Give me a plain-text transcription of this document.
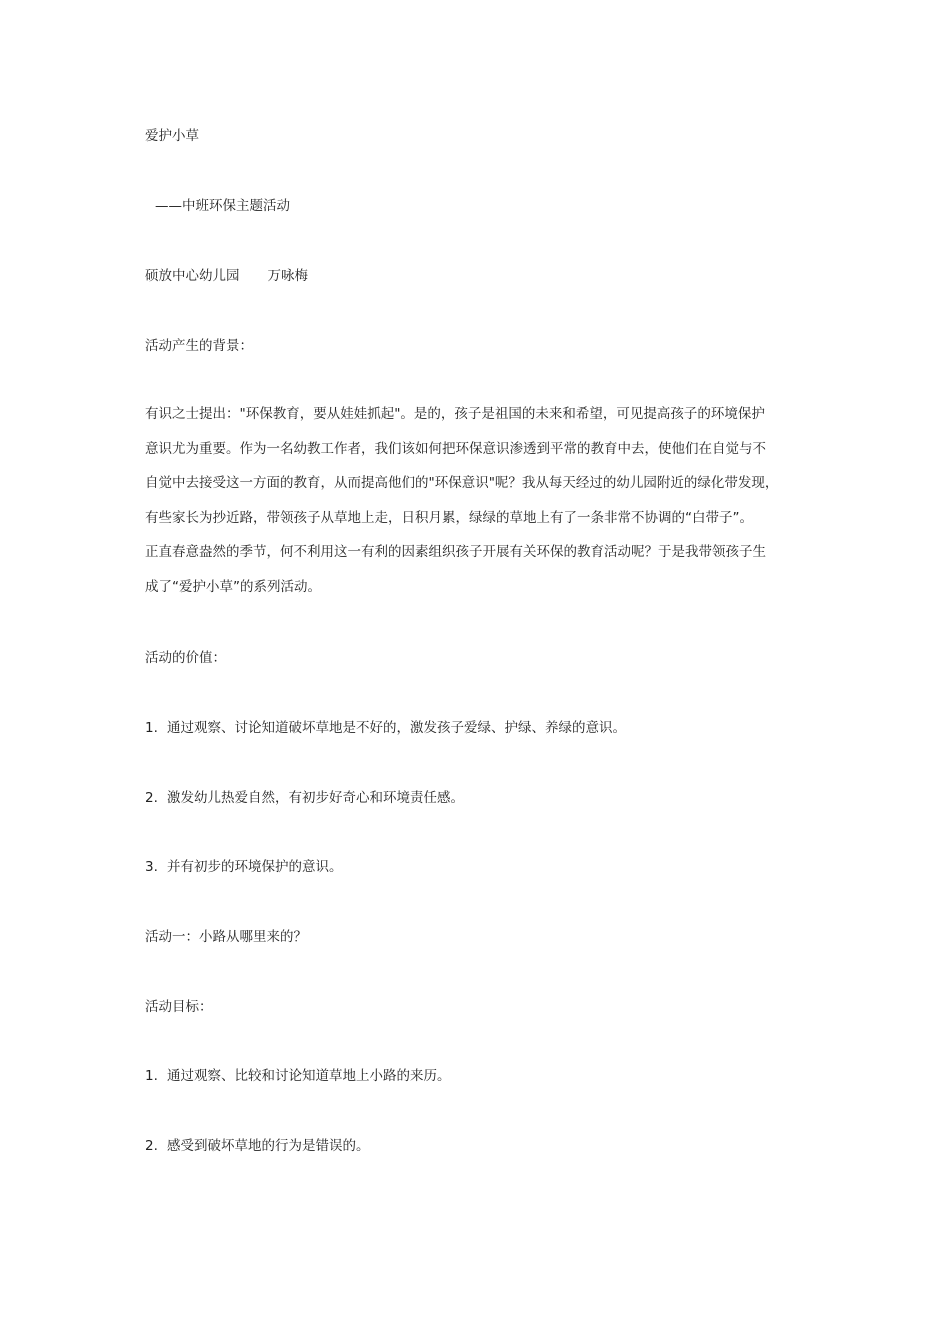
爱护小草
——中班环保主题活动
硕放中心幼儿园 万咏梅
活动产生的背景：
有识之士提出："环保教育，要从娃娃抓起"。是的，孩子是祖国的未来和希望，可见提高孩子的环境保护
意识尤为重要。作为一名幼教工作者，我们该如何把环保意识渗透到平常的教育中去，使他们在自觉与不
自觉中去接受这一方面的教育，从而提高他们的"环保意识"呢？我从每天经过的幼儿园附近的绿化带发现，
有些家长为抄近路，带领孩子从草地上走，日积月累，绿绿的草地上有了一条非常不协调的“白带子”。
正直春意盎然的季节，何不利用这一有利的因素组织孩子开展有关环保的教育活动呢？于是我带领孩子生
成了“爱护小草”的系列活动。
活动的价值：
1. 通过观察、讨论知道破坏草地是不好的，激发孩子爱绿、护绿、养绿的意识。
2. 激发幼儿热爱自然，有初步好奇心和环境责任感。
3. 并有初步的环境保护的意识。
活动一：小路从哪里来的？
活动目标：
1. 通过观察、比较和讨论知道草地上小路的来历。
2. 感受到破坏草地的行为是错误的。
